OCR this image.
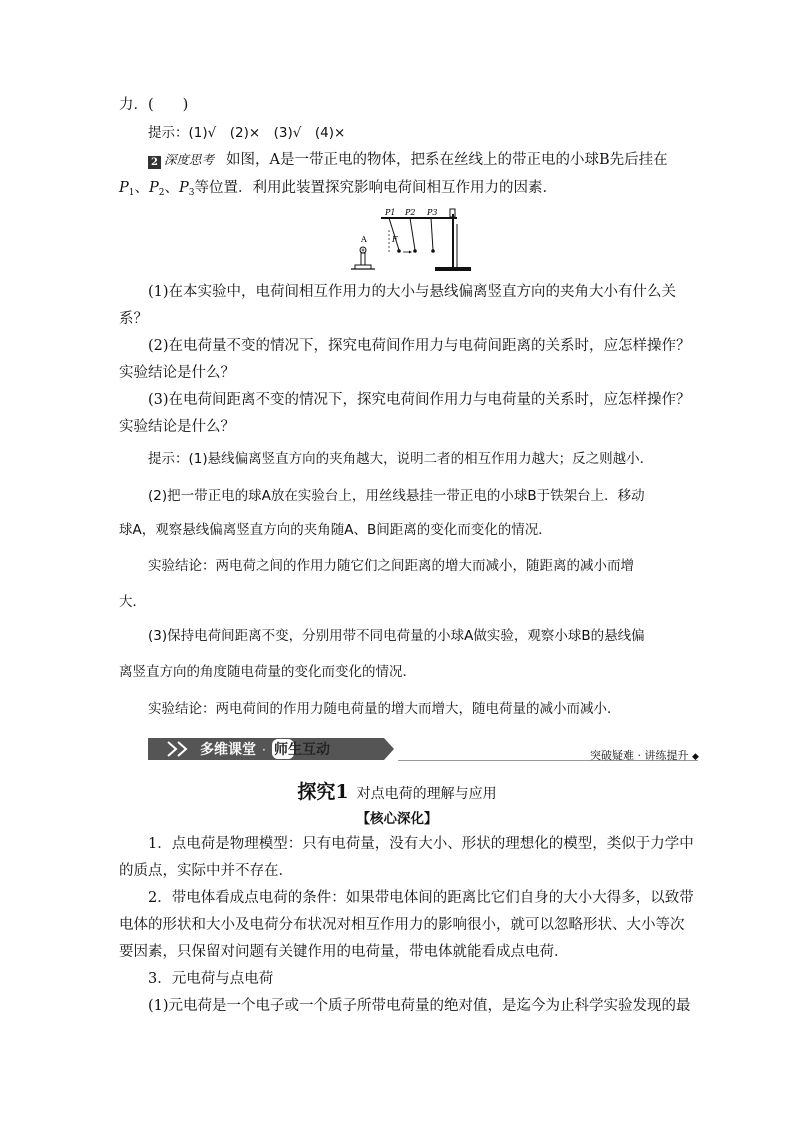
力．(　　)
提示：(1)√　(2)×　(3)√　(4)×
2 深度思考 如图，A是一带正电的物体，把系在丝线上的带正电的小球B先后挂在
$P_1$、$P_2$、$P_3$等位置．利用此装置探究影响电荷间相互作用力的因素．
P1 P2 P3
F
A
(1)在本实验中，电荷间相互作用力的大小与悬线偏离竖直方向的夹角大小有什么关
系？
(2)在电荷量不变的情况下，探究电荷间作用力与电荷间距离的关系时，应怎样操作？
实验结论是什么？
(3)在电荷间距离不变的情况下，探究电荷间作用力与电荷量的关系时，应怎样操作？
实验结论是什么？
提示：(1)悬线偏离竖直方向的夹角越大，说明二者的相互作用力越大；反之则越小．
(2)把一带正电的球A放在实验台上，用丝线悬挂一带正电的小球B于铁架台上．移动
球A，观察悬线偏离竖直方向的夹角随A、B间距离的变化而变化的情况．
实验结论：两电荷之间的作用力随它们之间距离的增大而减小，随距离的减小而增
大．
(3)保持电荷间距离不变，分别用带不同电荷量的小球A做实验，观察小球B的悬线偏
离竖直方向的角度随电荷量的变化而变化的情况．
实验结论：两电荷间的作用力随电荷量的增大而增大，随电荷量的减小而减小．
多维课堂 · 师生互动	突破疑难 · 讲练提升 ◆
探究1 对点电荷的理解与应用
【核心深化】
1．点电荷是物理模型：只有电荷量，没有大小、形状的理想化的模型，类似于力学中
的质点，实际中并不存在．
2．带电体看成点电荷的条件：如果带电体间的距离比它们自身的大小大得多，以致带
电体的形状和大小及电荷分布状况对相互作用力的影响很小，就可以忽略形状、大小等次
要因素，只保留对问题有关键作用的电荷量，带电体就能看成点电荷．
3．元电荷与点电荷
(1)元电荷是一个电子或一个质子所带电荷量的绝对值，是迄今为止科学实验发现的最
